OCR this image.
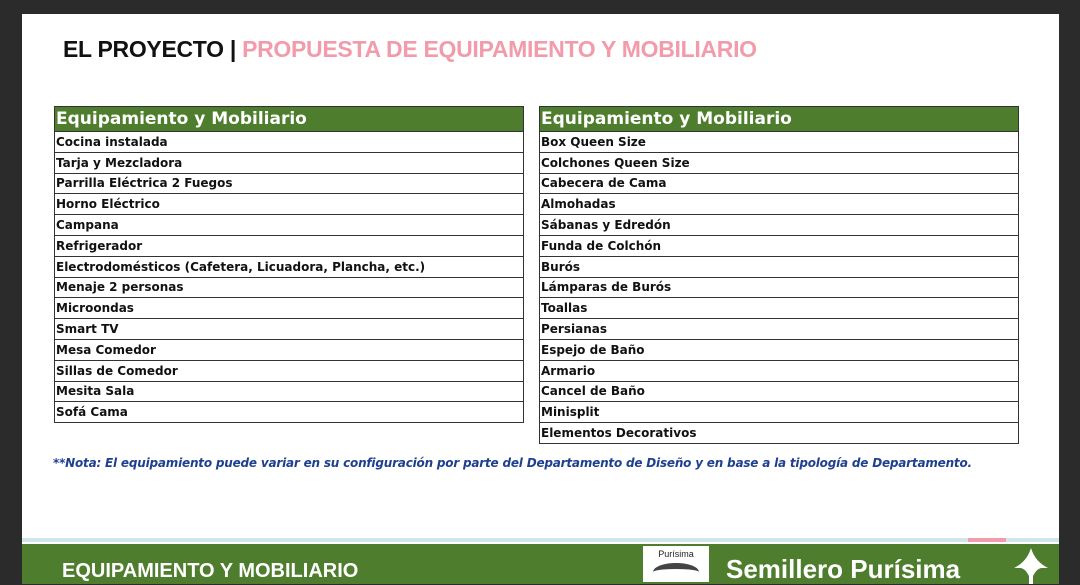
EL PROYECTO | PROPUESTA DE EQUIPAMIENTO Y MOBILIARIO
Equipamiento y Mobiliario
Cocina instalada
Tarja y Mezcladora
Parrilla Eléctrica 2 Fuegos
Horno Eléctrico
Campana
Refrigerador
Electrodomésticos (Cafetera, Licuadora, Plancha, etc.)
Menaje 2 personas
Microondas
Smart TV
Mesa Comedor
Sillas de Comedor
Mesita Sala
Sofá Cama
Equipamiento y Mobiliario
Box Queen Size
Colchones Queen Size
Cabecera de Cama
Almohadas
Sábanas y Edredón
Funda de Colchón
Burós
Lámparas de Burós
Toallas
Persianas
Espejo de Baño
Armario
Cancel de Baño
Minisplit
Elementos Decorativos
**Nota: El equipamiento puede variar en su configuración por parte del Departamento de Diseño y en base a la tipología de Departamento.
EQUIPAMIENTO Y MOBILIARIO
Purísima	Semillero Purísima
